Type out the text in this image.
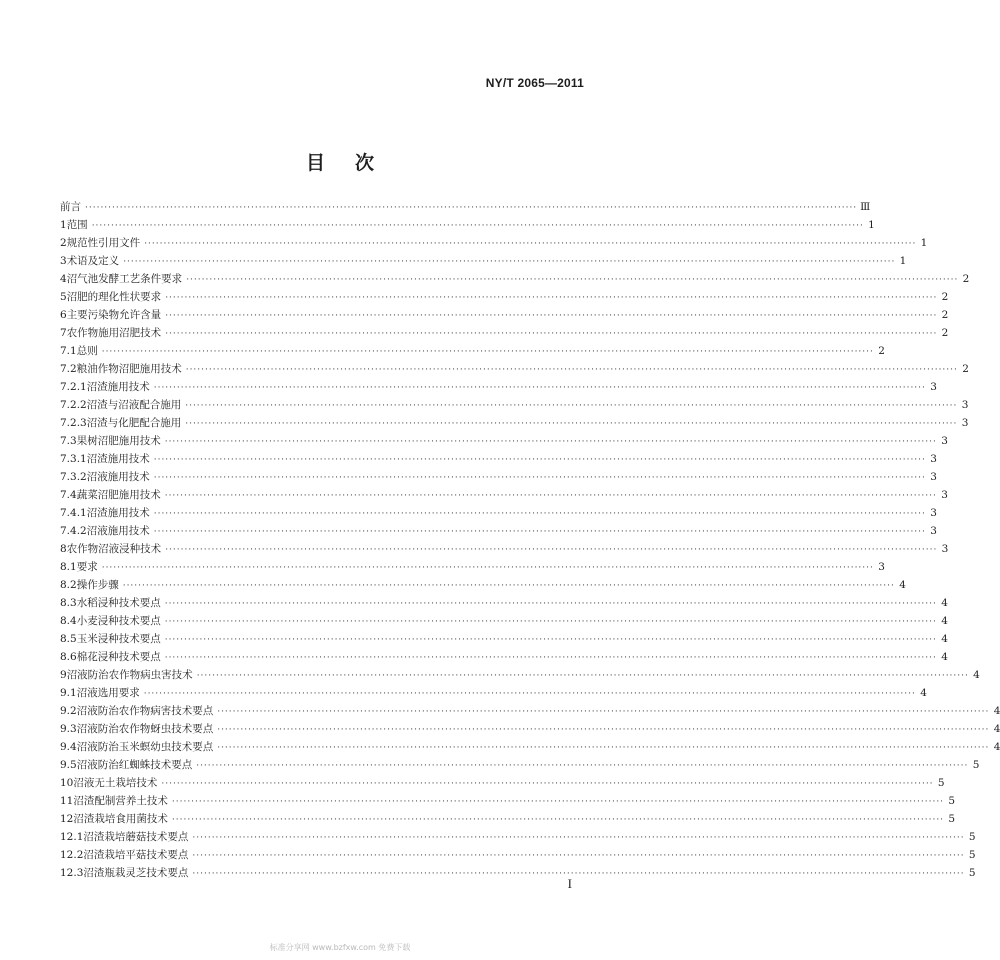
NY/T 2065—2011
目次
前言 ········································································································································································································ Ⅲ
1 范围 ········································································································································································································ 1
2 规范性引用文件 ········································································································································································································ 1
3 术语及定义 ········································································································································································································ 1
4 沼气池发酵工艺条件要求 ········································································································································································································ 2
5 沼肥的理化性状要求 ········································································································································································································ 2
6 主要污染物允许含量 ········································································································································································································ 2
7 农作物施用沼肥技术 ········································································································································································································ 2
7.1 总则 ········································································································································································································ 2
7.2 粮油作物沼肥施用技术 ········································································································································································································ 2
7.2.1 沼渣施用技术 ········································································································································································································ 3
7.2.2 沼渣与沼液配合施用 ········································································································································································································ 3
7.2.3 沼渣与化肥配合施用 ········································································································································································································ 3
7.3 果树沼肥施用技术 ········································································································································································································ 3
7.3.1 沼渣施用技术 ········································································································································································································ 3
7.3.2 沼液施用技术 ········································································································································································································ 3
7.4 蔬菜沼肥施用技术 ········································································································································································································ 3
7.4.1 沼渣施用技术 ········································································································································································································ 3
7.4.2 沼液施用技术 ········································································································································································································ 3
8 农作物沼液浸种技术 ········································································································································································································ 3
8.1 要求 ········································································································································································································ 3
8.2 操作步骤 ········································································································································································································ 4
8.3 水稻浸种技术要点 ········································································································································································································ 4
8.4 小麦浸种技术要点 ········································································································································································································ 4
8.5 玉米浸种技术要点 ········································································································································································································ 4
8.6 棉花浸种技术要点 ········································································································································································································ 4
9 沼液防治农作物病虫害技术 ········································································································································································································ 4
9.1 沼液选用要求 ········································································································································································································ 4
9.2 沼液防治农作物病害技术要点 ········································································································································································································ 4
9.3 沼液防治农作物蚜虫技术要点 ········································································································································································································ 4
9.4 沼液防治玉米螟幼虫技术要点 ········································································································································································································ 4
9.5 沼液防治红蜘蛛技术要点 ········································································································································································································ 5
10 沼液无土栽培技术 ········································································································································································································ 5
11 沼渣配制营养土技术 ········································································································································································································ 5
12 沼渣栽培食用菌技术 ········································································································································································································ 5
12.1 沼渣栽培蘑菇技术要点 ········································································································································································································ 5
12.2 沼渣栽培平菇技术要点 ········································································································································································································ 5
12.3 沼渣瓶栽灵芝技术要点 ········································································································································································································ 5
I
标准分享网 www.bzfxw.com 免费下载
